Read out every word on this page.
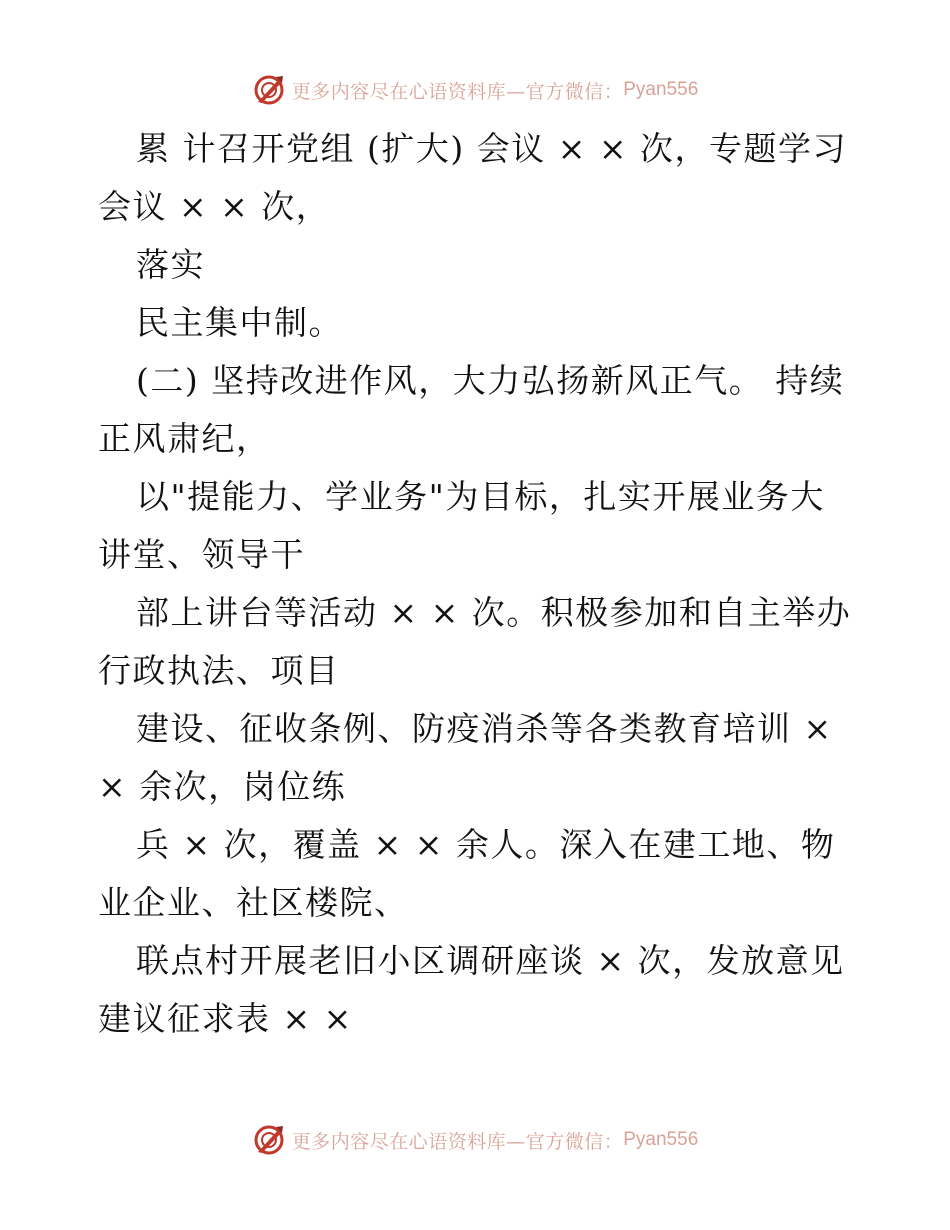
更多内容尽在心语资料库—官方微信： Pyan556

累 计召开党组 (扩大) 会议 × × 次，专题学习会议 × × 次，

落实

民主集中制。

(二) 坚持改进作风，大力弘扬新风正气。 持续正风肃纪，

以"提能力、学业务"为目标，扎实开展业务大讲堂、领导干

部上讲台等活动 × × 次。积极参加和自主举办行政执法、项目

建设、征收条例、防疫消杀等各类教育培训 × × 余次，岗位练

兵 × 次，覆盖 × × 余人。深入在建工地、物业企业、社区楼院、

联点村开展老旧小区调研座谈 × 次，发放意见建议征求表 × ×

更多内容尽在心语资料库—官方微信： Pyan556
